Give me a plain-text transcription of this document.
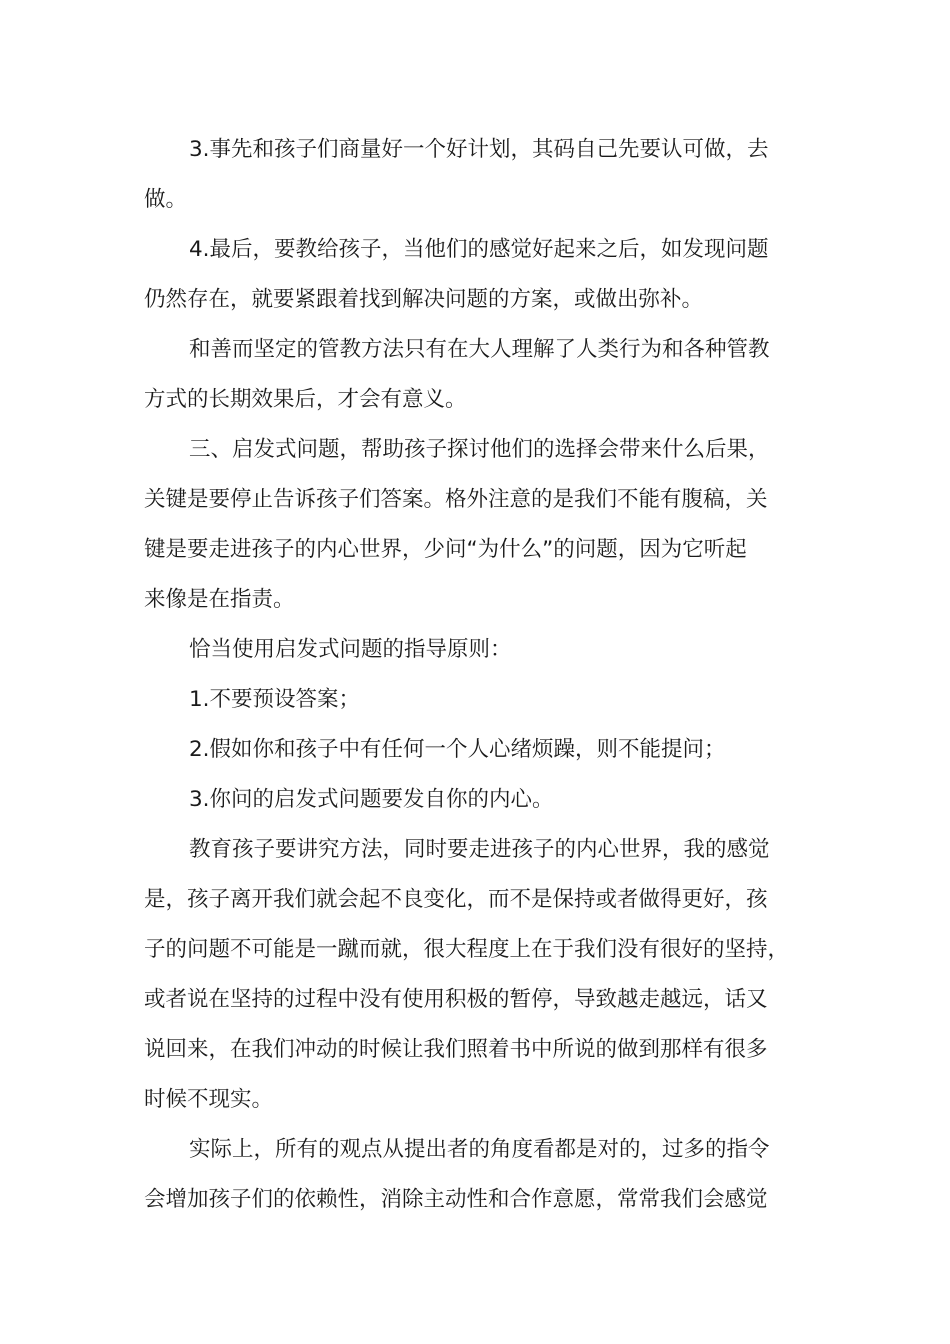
3.事先和孩子们商量好一个好计划，其码自己先要认可做，去
做。
4.最后，要教给孩子，当他们的感觉好起来之后，如发现问题
仍然存在，就要紧跟着找到解决问题的方案，或做出弥补。
和善而坚定的管教方法只有在大人理解了人类行为和各种管教
方式的长期效果后，才会有意义。
三、启发式问题，帮助孩子探讨他们的选择会带来什么后果，
关键是要停止告诉孩子们答案。格外注意的是我们不能有腹稿，关
键是要走进孩子的内心世界，少问“为什么”的问题，因为它听起
来像是在指责。
恰当使用启发式问题的指导原则：
1.不要预设答案；
2.假如你和孩子中有任何一个人心绪烦躁，则不能提问；
3.你问的启发式问题要发自你的内心。
教育孩子要讲究方法，同时要走进孩子的内心世界，我的感觉
是，孩子离开我们就会起不良变化，而不是保持或者做得更好，孩
子的问题不可能是一蹴而就，很大程度上在于我们没有很好的坚持，
或者说在坚持的过程中没有使用积极的暂停，导致越走越远，话又
说回来，在我们冲动的时候让我们照着书中所说的做到那样有很多
时候不现实。
实际上，所有的观点从提出者的角度看都是对的，过多的指令
会增加孩子们的依赖性，消除主动性和合作意愿，常常我们会感觉
